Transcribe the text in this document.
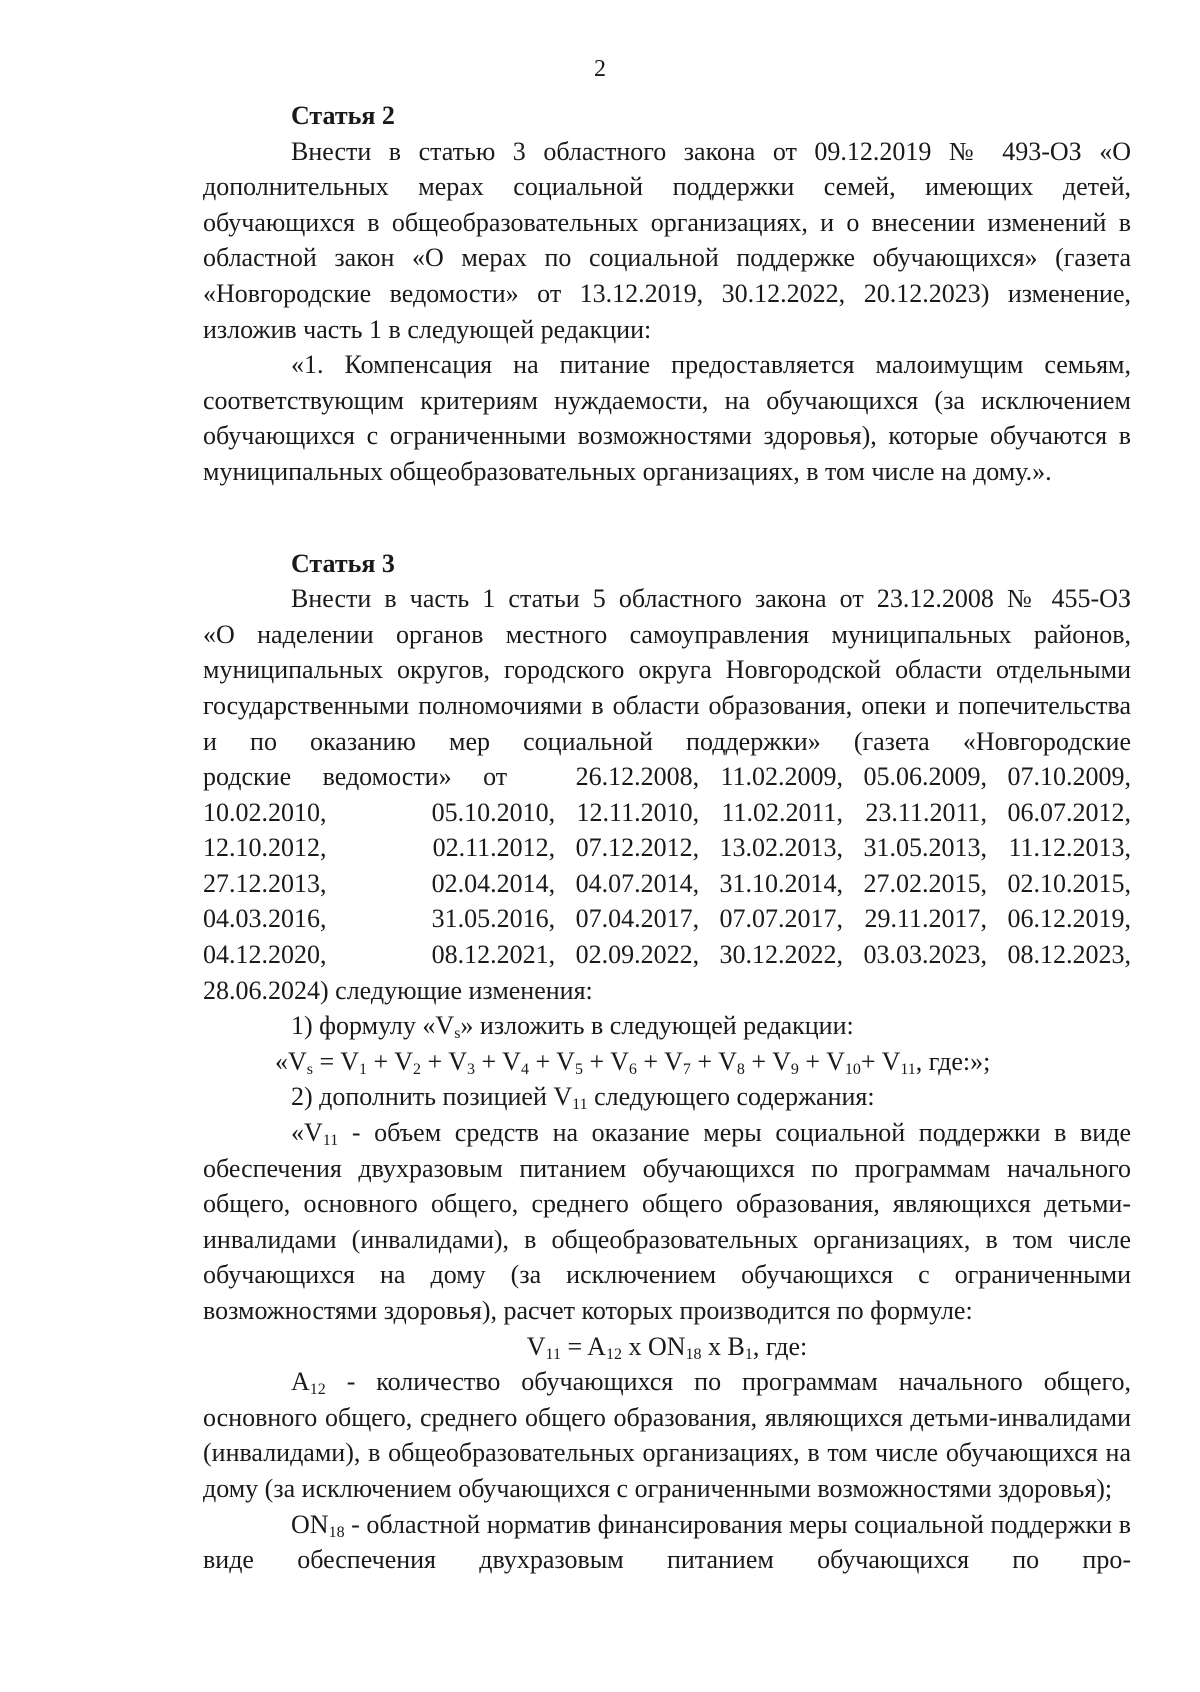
2

Статья 2

Внести в статью 3 областного закона от 09.12.2019 № 493-ОЗ «О дополнительных мерах социальной поддержки семей, имеющих детей, обучающихся в общеобразовательных организациях, и о внесении изменений в областной закон «О мерах по социальной поддержке обучающихся» (газета «Новгородские ведомости» от 13.12.2019, 30.12.2022, 20.12.2023) изменение, изложив часть 1 в следующей редакции:

«1. Компенсация на питание предоставляется малоимущим семьям, соответствующим критериям нуждаемости, на обучающихся (за исключением обучающихся с ограниченными возможностями здоровья), которые обучаются в муниципальных общеобразовательных организациях, в том числе на дому.».

Статья 3

Внести в часть 1 статьи 5 областного закона от 23.12.2008 № 455-ОЗ

«О наделении органов местного самоуправления муниципальных районов, муниципальных округов, городского округа Новгородской области отдельными государственными полномочиями в области образования, опеки и попечительства и по оказанию мер социальной поддержки» (газета «Новгородские

родские ведомости» от		26.12.2008,	11.02.2009,	05.06.2009,	07.10.2009,
10.02.2010,	05.10.2010,	12.11.2010,	11.02.2011,	23.11.2011,	06.07.2012,
12.10.2012,	02.11.2012,	07.12.2012,	13.02.2013,	31.05.2013,	11.12.2013,
27.12.2013,	02.04.2014,	04.07.2014,	31.10.2014,	27.02.2015,	02.10.2015,
04.03.2016,	31.05.2016,	07.04.2017,	07.07.2017,	29.11.2017,	06.12.2019,
04.12.2020,	08.12.2021,	02.09.2022,	30.12.2022,	03.03.2023,	08.12.2023,

28.06.2024) следующие изменения:

1) формулу «$V_s$» изложить в следующей редакции:

«$V_s = V_1 + V_2 + V_3 + V_4 + V_5 + V_6 + V_7 + V_8 + V_9 + V_{10}+ V_{11}$, где:»;

2) дополнить позицией $V_{11}$ следующего содержания:

«$V_{11}$ - объем средств на оказание меры социальной поддержки в виде обеспечения двухразовым питанием обучающихся по программам начального общего, основного общего, среднего общего образования, являющихся детьми-инвалидами (инвалидами), в общеобразовательных организациях, в том числе обучающихся на дому (за исключением обучающихся с ограниченными возможностями здоровья), расчет которых производится по формуле:

$V_{11} = A_{12}$ x $ON_{18}$ x $B_1$, где:

$A_{12}$ - количество обучающихся по программам начального общего, основного общего, среднего общего образования, являющихся детьми-инвалидами (инвалидами), в общеобразовательных организациях, в том числе обучающихся на дому (за исключением обучающихся с ограниченными возможностями здоровья);

$ON_{18}$ - областной норматив финансирования меры социальной поддержки в виде обеспечения двухразовым питанием обучающихся по про-
